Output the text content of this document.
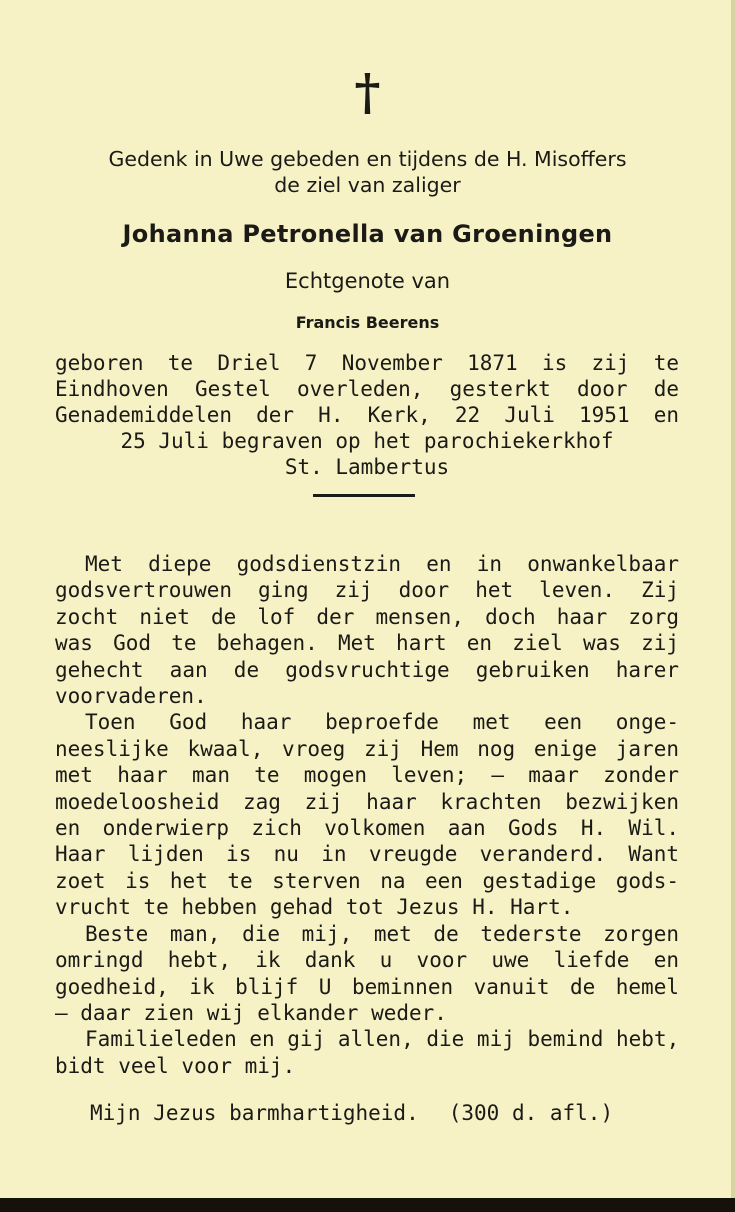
†
Gedenk in Uwe gebeden en tijdens de H. Misoffers
de ziel van zaliger
Johanna Petronella van Groeningen
Echtgenote van
Francis Beerens
geboren te Driel 7 November 1871 is zij te
Eindhoven Gestel overleden, gesterkt door de
Genademiddelen der H. Kerk, 22 Juli 1951 en
25 Juli begraven op het parochiekerkhof
St. Lambertus
Met diepe godsdienstzin en in onwankelbaar
godsvertrouwen ging zij door het leven. Zij
zocht niet de lof der mensen, doch haar zorg
was God te behagen. Met hart en ziel was zij
gehecht aan de godsvruchtige gebruiken harer
voorvaderen.
Toen God haar beproefde met een onge-
neeslijke kwaal, vroeg zij Hem nog enige jaren
met haar man te mogen leven; — maar zonder
moedeloosheid zag zij haar krachten bezwijken
en onderwierp zich volkomen aan Gods H. Wil.
Haar lijden is nu in vreugde veranderd. Want
zoet is het te sterven na een gestadige gods-
vrucht te hebben gehad tot Jezus H. Hart.
Beste man, die mij, met de tederste zorgen
omringd hebt, ik dank u voor uwe liefde en
goedheid, ik blijf U beminnen vanuit de hemel
— daar zien wij elkander weder.
Familieleden en gij allen, die mij bemind hebt,
bidt veel voor mij.
Mijn Jezus barmhartigheid. (300 d. afl.)
